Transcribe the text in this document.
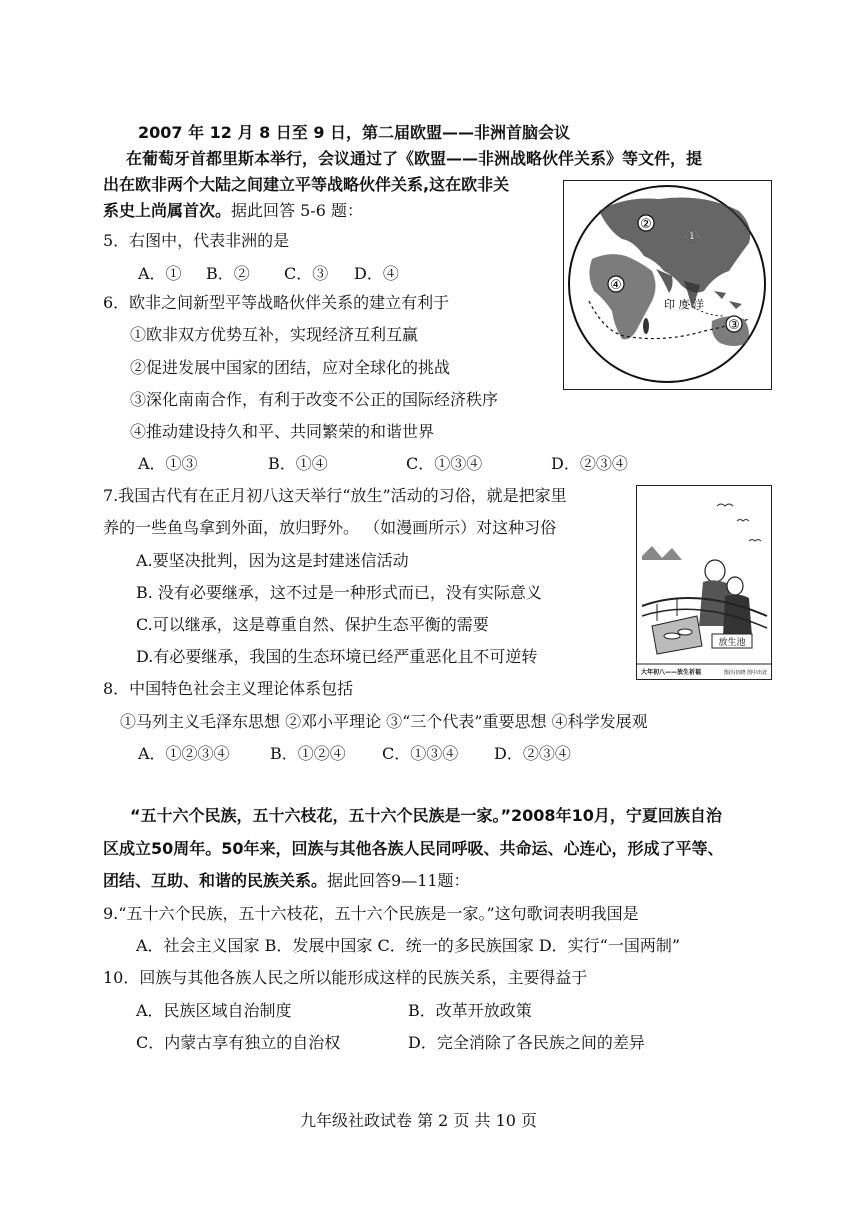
2007 年 12 月 8 日至 9 日，第二届欧盟——非洲首脑会议
在葡萄牙首都里斯本举行，会议通过了《欧盟——非洲战略伙伴关系》等文件，提
出在欧非两个大陆之间建立平等战略伙伴关系,这在欧非关
系史上尚属首次。据此回答 5-6 题：
5．右图中，代表非洲的是
A．① B．② C．③ D．④
6．欧非之间新型平等战略伙伴关系的建立有利于
①欧非双方优势互补，实现经济互利互赢
②促进发展中国家的团结，应对全球化的挑战
③深化南南合作，有利于改变不公正的国际经济秩序
④推动建设持久和平、共同繁荣的和谐世界
A．①③	B．①④	C．①③④	D．②③④
②
①
④
③
印 度 洋
7.我国古代有在正月初八这天举行“放生”活动的习俗，就是把家里
养的一些鱼鸟拿到外面，放归野外。 （如漫画所示）对这种习俗
A.要坚决批判，因为这是封建迷信活动
B. 没有必要继承，这不过是一种形式而已，没有实际意义
C.可以继承，这是尊重自然、保护生态平衡的需要
D.有必要继承，我国的生态环境已经严重恶化且不可逆转
放生池
大年初八——放生祈福	图/冯仿晓 图中出处
8．中国特色社会主义理论体系包括
①马列主义毛泽东思想 ②邓小平理论 ③“三个代表”重要思想 ④科学发展观
A．①②③④	B．①②④ C．①③④ D．②③④
“五十六个民族，五十六枝花，五十六个民族是一家。”2008年10月，宁夏回族自治
区成立50周年。50年来，回族与其他各族人民同呼吸、共命运、心连心，形成了平等、
团结、互助、和谐的民族关系。据此回答9—11题：
9.“五十六个民族，五十六枝花，五十六个民族是一家。”这句歌词表明我国是
A．社会主义国家 B．发展中国家 C．统一的多民族国家 D．实行“一国两制”
10．回族与其他各族人民之所以能形成这样的民族关系，主要得益于
A．民族区域自治制度	B．改革开放政策
C．内蒙古享有独立的自治权	D．完全消除了各民族之间的差异
九年级社政试卷 第 2 页 共 10 页
